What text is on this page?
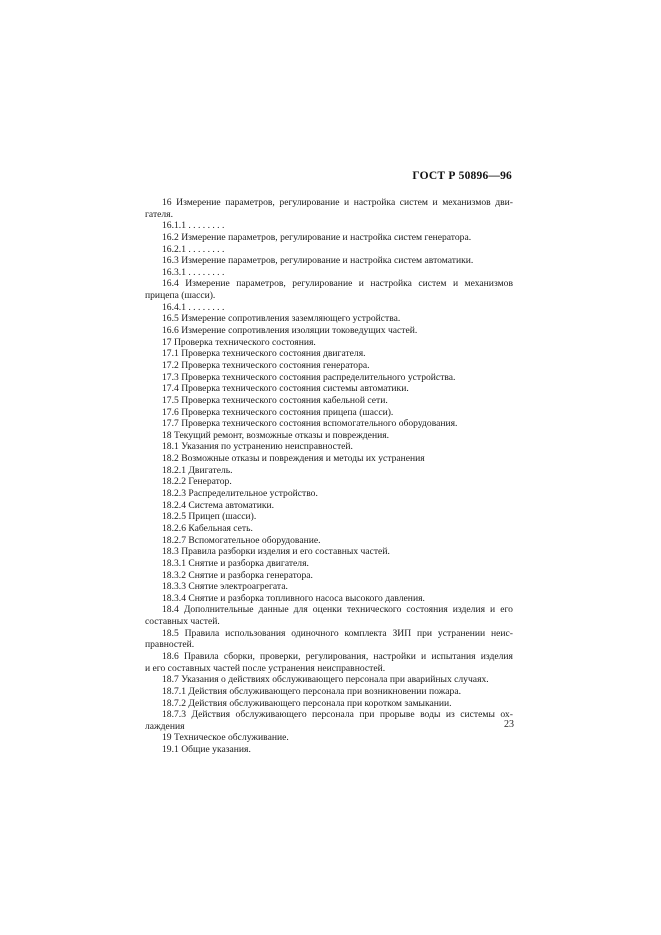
ГОСТ Р 50896—96
16 Измерение параметров, регулирование и настройка систем и механизмов дви-
гателя.
16.1.1 . . . . . . . .
16.2 Измерение параметров, регулирование и настройка систем генератора.
16.2.1 . . . . . . . .
16.3 Измерение параметров, регулирование и настройка систем автоматики.
16.3.1 . . . . . . . .
16.4 Измерение параметров, регулирование и настройка систем и механизмов
прицепа (шасси).
16.4.1 . . . . . . . .
16.5 Измерение сопротивления заземляющего устройства.
16.6 Измерение сопротивления изоляции токоведущих частей.
17 Проверка технического состояния.
17.1 Проверка технического состояния двигателя.
17.2 Проверка технического состояния генератора.
17.3 Проверка технического состояния распределительного устройства.
17.4 Проверка технического состояния системы автоматики.
17.5 Проверка технического состояния кабельной сети.
17.6 Проверка технического состояния прицепа (шасси).
17.7 Проверка технического состояния вспомогательного оборудования.
18 Текущий ремонт, возможные отказы и повреждения.
18.1 Указания по устранению неисправностей.
18.2 Возможные отказы и повреждения и методы их устранения
18.2.1 Двигатель.
18.2.2 Генератор.
18.2.3 Распределительное устройство.
18.2.4 Система автоматики.
18.2.5 Прицеп (шасси).
18.2.6 Кабельная сеть.
18.2.7 Вспомогательное оборудование.
18.3 Правила разборки изделия и его составных частей.
18.3.1 Снятие и разборка двигателя.
18.3.2 Снятие и разборка генератора.
18.3.3 Снятие электроагрегата.
18.3.4 Снятие и разборка топливного насоса высокого давления.
18.4 Дополнительные данные для оценки технического состояния изделия и его
составных частей.
18.5 Правила использования одиночного комплекта ЗИП при устранении неис-
правностей.
18.6 Правила сборки, проверки, регулирования, настройки и испытания изделия
и его составных частей после устранения неисправностей.
18.7 Указания о действиях обслуживающего персонала при аварийных случаях.
18.7.1 Действия обслуживающего персонала при возникновении пожара.
18.7.2 Действия обслуживающего персонала при коротком замыкании.
18.7.3 Действия обслуживающего персонала при прорыве воды из системы ох-
лаждения
19 Техническое обслуживание.
19.1 Общие указания.
23
